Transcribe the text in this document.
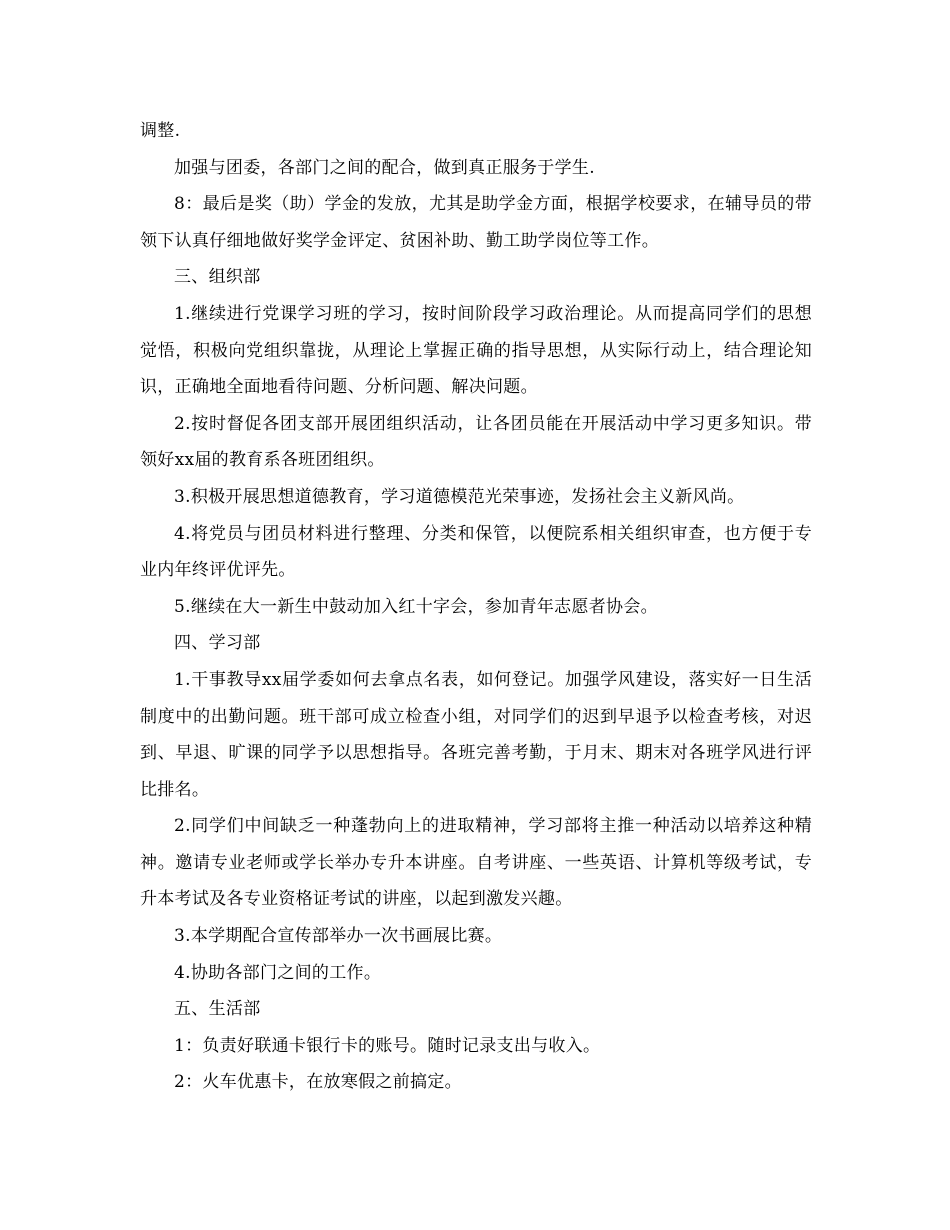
调整.

加强与团委，各部门之间的配合，做到真正服务于学生.

8：最后是奖（助）学金的发放，尤其是助学金方面，根据学校要求，在辅导员的带领下认真仔细地做好奖学金评定、贫困补助、勤工助学岗位等工作。

三、组织部

1.继续进行党课学习班的学习，按时间阶段学习政治理论。从而提高同学们的思想觉悟，积极向党组织靠拢，从理论上掌握正确的指导思想，从实际行动上，结合理论知识，正确地全面地看待问题、分析问题、解决问题。

2.按时督促各团支部开展团组织活动，让各团员能在开展活动中学习更多知识。带领好xx届的教育系各班团组织。

3.积极开展思想道德教育，学习道德模范光荣事迹，发扬社会主义新风尚。

4.将党员与团员材料进行整理、分类和保管，以便院系相关组织审查，也方便于专业内年终评优评先。

5.继续在大一新生中鼓动加入红十字会，参加青年志愿者协会。

四、学习部

1.干事教导xx届学委如何去拿点名表，如何登记。加强学风建设，落实好一日生活制度中的出勤问题。班干部可成立检查小组，对同学们的迟到早退予以检查考核，对迟到、早退、旷课的同学予以思想指导。各班完善考勤，于月末、期末对各班学风进行评比排名。

2.同学们中间缺乏一种蓬勃向上的进取精神，学习部将主推一种活动以培养这种精神。邀请专业老师或学长举办专升本讲座。自考讲座、一些英语、计算机等级考试，专升本考试及各专业资格证考试的讲座，以起到激发兴趣。

3.本学期配合宣传部举办一次书画展比赛。

4.协助各部门之间的工作。

五、生活部

1：负责好联通卡银行卡的账号。随时记录支出与收入。

2：火车优惠卡，在放寒假之前搞定。
